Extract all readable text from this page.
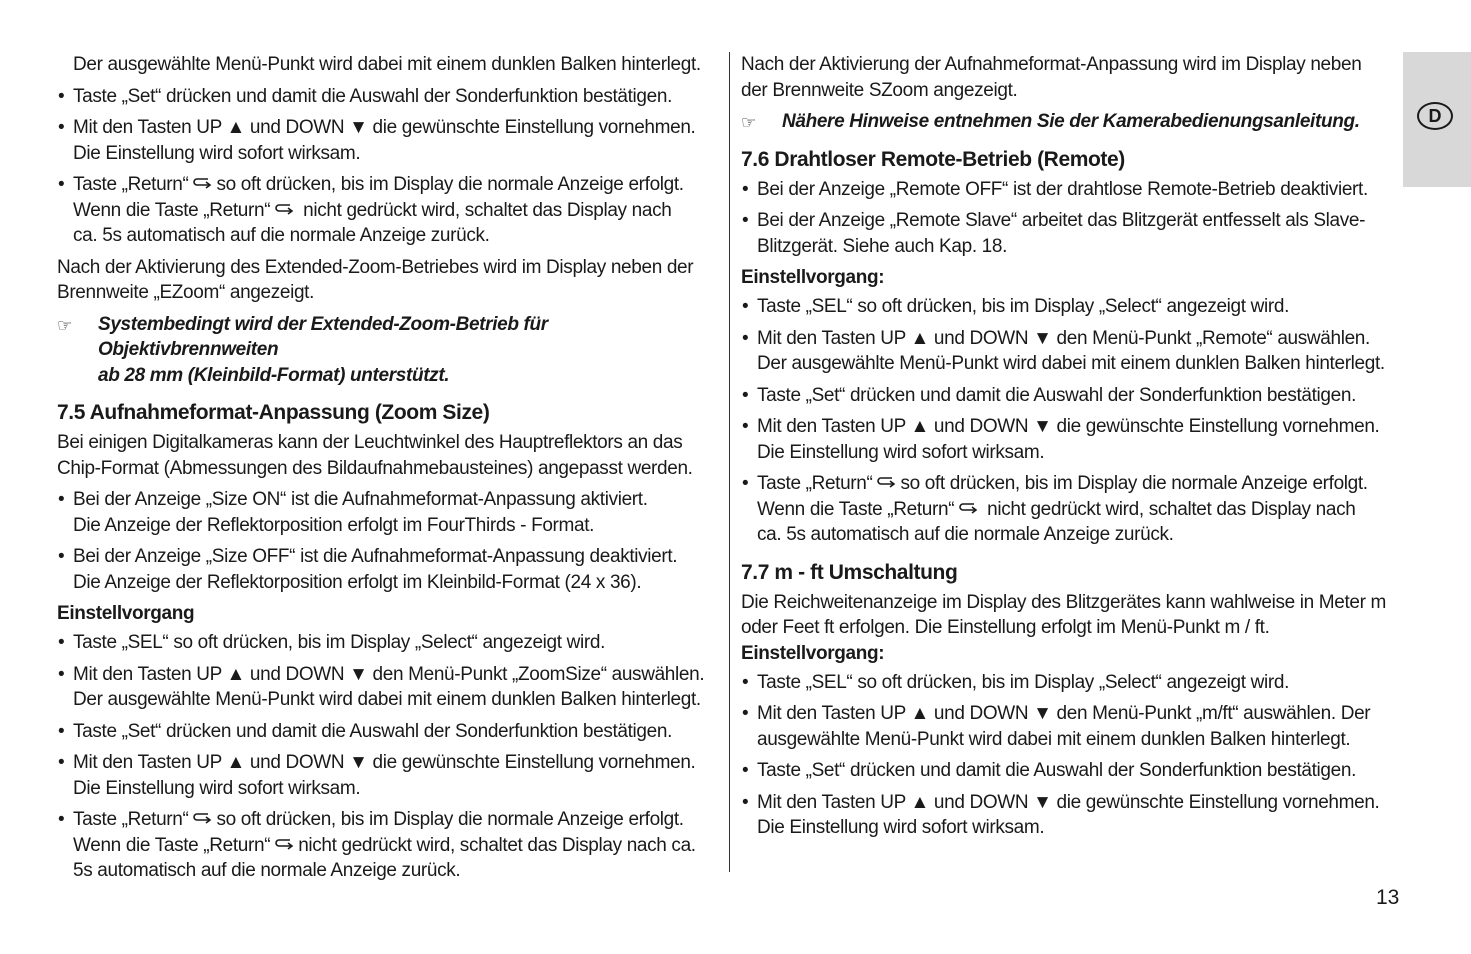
D

Der ausgewählte Menü-Punkt wird dabei mit einem dunklen Balken hinterlegt.

• Taste „Set“ drücken und damit die Auswahl der Sonderfunktion bestätigen.
• Mit den Tasten UP ▲ und DOWN ▼ die gewünschte Einstellung vornehmen.
Die Einstellung wird sofort wirksam.
• Taste „Return“ so oft drücken, bis im Display die normale Anzeige erfolgt.
Wenn die Taste „Return“ nicht gedrückt wird, schaltet das Display nach
ca. 5s automatisch auf die normale Anzeige zurück.

Nach der Aktivierung des Extended-Zoom-Betriebes wird im Display neben der
Brennweite „EZoom“ angezeigt.

☞ Systembedingt wird der Extended-Zoom-Betrieb für Objektivbrennweiten
ab 28 mm (Kleinbild-Format) unterstützt.
7.5 Aufnahmeformat-Anpassung (Zoom Size)

Bei einigen Digitalkameras kann der Leuchtwinkel des Hauptreflektors an das
Chip-Format (Abmessungen des Bildaufnahmebausteines) angepasst werden.

• Bei der Anzeige „Size ON“ ist die Aufnahmeformat-Anpassung aktiviert.
Die Anzeige der Reflektorposition erfolgt im FourThirds - Format.
• Bei der Anzeige „Size OFF“ ist die Aufnahmeformat-Anpassung deaktiviert.
Die Anzeige der Reflektorposition erfolgt im Kleinbild-Format (24 x 36).
Einstellvorgang
• Taste „SEL“ so oft drücken, bis im Display „Select“ angezeigt wird.
• Mit den Tasten UP ▲ und DOWN ▼ den Menü-Punkt „ZoomSize“ auswählen.
Der ausgewählte Menü-Punkt wird dabei mit einem dunklen Balken hinterlegt.
• Taste „Set“ drücken und damit die Auswahl der Sonderfunktion bestätigen.
• Mit den Tasten UP ▲ und DOWN ▼ die gewünschte Einstellung vornehmen.
Die Einstellung wird sofort wirksam.
• Taste „Return“ so oft drücken, bis im Display die normale Anzeige erfolgt.
Wenn die Taste „Return“ nicht gedrückt wird, schaltet das Display nach ca.
5s automatisch auf die normale Anzeige zurück.

Nach der Aktivierung der Aufnahmeformat-Anpassung wird im Display neben
der Brennweite SZoom angezeigt.

☞ Nähere Hinweise entnehmen Sie der Kamerabedienungsanleitung.
7.6 Drahtloser Remote-Betrieb (Remote)
• Bei der Anzeige „Remote OFF“ ist der drahtlose Remote-Betrieb deaktiviert.
• Bei der Anzeige „Remote Slave“ arbeitet das Blitzgerät entfesselt als Slave-
Blitzgerät. Siehe auch Kap. 18.
Einstellvorgang:
• Taste „SEL“ so oft drücken, bis im Display „Select“ angezeigt wird.
• Mit den Tasten UP ▲ und DOWN ▼ den Menü-Punkt „Remote“ auswählen.
Der ausgewählte Menü-Punkt wird dabei mit einem dunklen Balken hinterlegt.
• Taste „Set“ drücken und damit die Auswahl der Sonderfunktion bestätigen.
• Mit den Tasten UP ▲ und DOWN ▼ die gewünschte Einstellung vornehmen.
Die Einstellung wird sofort wirksam.
• Taste „Return“ so oft drücken, bis im Display die normale Anzeige erfolgt.
Wenn die Taste „Return“ nicht gedrückt wird, schaltet das Display nach
ca. 5s automatisch auf die normale Anzeige zurück.
7.7 m - ft Umschaltung

Die Reichweitenanzeige im Display des Blitzgerätes kann wahlweise in Meter m
oder Feet ft erfolgen. Die Einstellung erfolgt im Menü-Punkt m / ft.

Einstellvorgang:
• Taste „SEL“ so oft drücken, bis im Display „Select“ angezeigt wird.
• Mit den Tasten UP ▲ und DOWN ▼ den Menü-Punkt „m/ft“ auswählen. Der
ausgewählte Menü-Punkt wird dabei mit einem dunklen Balken hinterlegt.
• Taste „Set“ drücken und damit die Auswahl der Sonderfunktion bestätigen.
• Mit den Tasten UP ▲ und DOWN ▼ die gewünschte Einstellung vornehmen.
Die Einstellung wird sofort wirksam.
13
